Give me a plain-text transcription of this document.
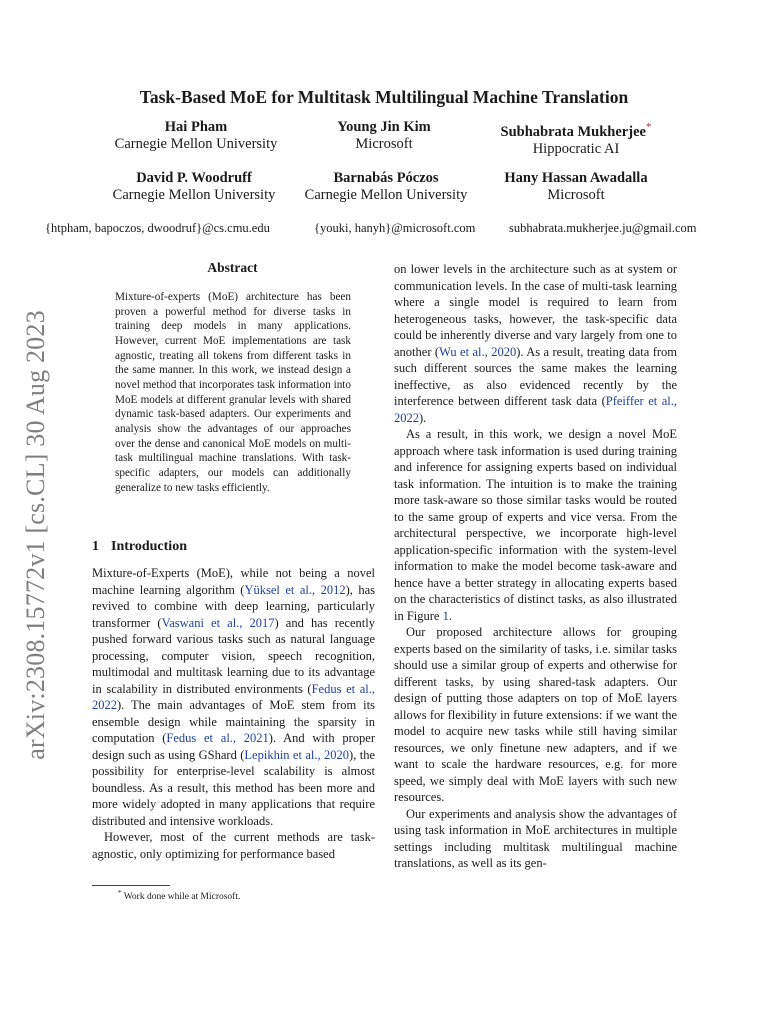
Task-Based MoE for Multitask Multilingual Machine Translation
Hai Pham
Carnegie Mellon University
Young Jin Kim
Microsoft
Subhabrata Mukherjee*
Hippocratic AI
David P. Woodruff
Carnegie Mellon University
Barnabás Póczos
Carnegie Mellon University
Hany Hassan Awadalla
Microsoft
{htpham, bapoczos, dwoodruf}@cs.cmu.edu	{youki, hanyh}@microsoft.com	subhabrata.mukherjee.ju@gmail.com
arXiv:2308.15772v1 [cs.CL] 30 Aug 2023
Abstract

Mixture-of-experts (MoE) architecture has been proven a powerful method for diverse tasks in training deep models in many applications. However, current MoE implementations are task agnostic, treating all tokens from different tasks in the same manner. In this work, we instead design a novel method that incorporates task information into MoE models at different granular levels with shared dynamic task-based adapters. Our experiments and analysis show the advantages of our approaches over the dense and canonical MoE models on multi-task multilingual machine translations. With task-specific adapters, our models can additionally generalize to new tasks efficiently.

1 Introduction

Mixture-of-Experts (MoE), while not being a novel machine learning algorithm (Yüksel et al., 2012), has revived to combine with deep learning, particularly transformer (Vaswani et al., 2017) and has recently pushed forward various tasks such as natural language processing, computer vision, speech recognition, multimodal and multitask learning due to its advantage in scalability in distributed environments (Fedus et al., 2022). The main advantages of MoE stem from its ensemble design while maintaining the sparsity in computation (Fedus et al., 2021). And with proper design such as using GShard (Lepikhin et al., 2020), the possibility for enterprise-level scalability is almost boundless. As a result, this method has been more and more widely adopted in many applications that require distributed and intensive workloads.

However, most of the current methods are task-agnostic, only optimizing for performance based

on lower levels in the architecture such as at system or communication levels. In the case of multi-task learning where a single model is required to learn from heterogeneous tasks, however, the task-specific data could be inherently diverse and vary largely from one to another (Wu et al., 2020). As a result, treating data from such different sources the same makes the learning ineffective, as also evidenced recently by the interference between different task data (Pfeiffer et al., 2022).

As a result, in this work, we design a novel MoE approach where task information is used during training and inference for assigning experts based on individual task information. The intuition is to make the training more task-aware so those similar tasks would be routed to the same group of experts and vice versa. From the architectural perspective, we incorporate high-level application-specific information with the system-level information to make the model become task-aware and hence have a better strategy in allocating experts based on the characteristics of distinct tasks, as also illustrated in Figure 1.

Our proposed architecture allows for grouping experts based on the similarity of tasks, i.e. similar tasks should use a similar group of experts and otherwise for different tasks, by using shared-task adapters. Our design of putting those adapters on top of MoE layers allows for flexibility in future extensions: if we want the model to acquire new tasks while still having similar resources, we only finetune new adapters, and if we want to scale the hardware resources, e.g. for more speed, we simply deal with MoE layers with such new resources.

Our experiments and analysis show the advantages of using task information in MoE architectures in multiple settings including multitask multilingual machine translations, as well as its gen-

* Work done while at Microsoft.
